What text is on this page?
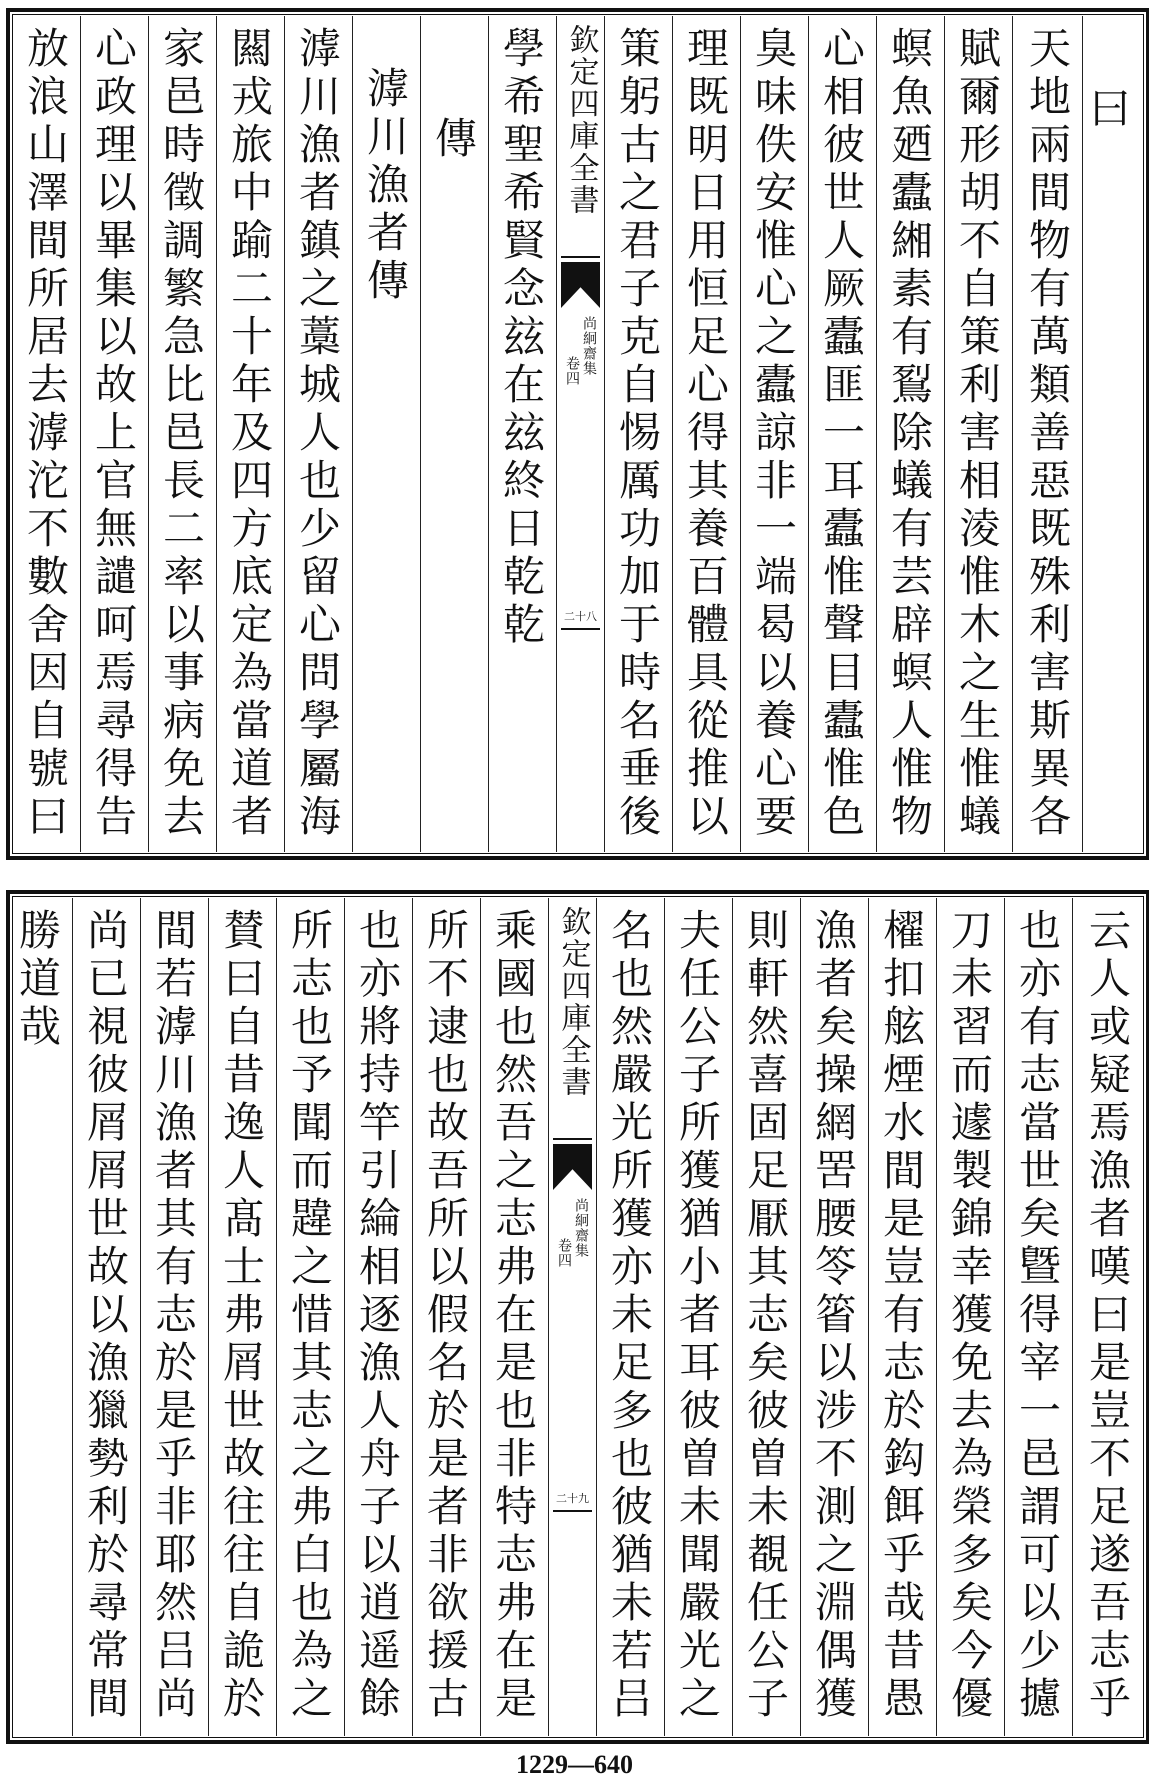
曰
天地兩間物有萬類善惡既殊利害斯異各
賦爾形胡不自䇿利害相淩惟木之生惟蟻
螟魚廼蠹緗素有鴷除蟻有芸辟螟人惟物
心相彼世人厥蠹匪一耳蠹惟聲目蠹惟色
臭味佚安惟心之蠹諒非一端曷以養心要
理既明日用恒足心得其養百體具從推以
䇿躬古之君子克自惕厲功加于時名垂後
欽定四庫全書
尚絅齋集
卷四
二十八
學希聖希賢念玆在玆終日乾乾
傳
滹川漁者傳
滹川漁者鎮之藁城人也少留心問學屬海
闗戎旅中踰二十年及四方底定為當道者
家邑時徵調繁急比邑長二率以事病免去
心政理以畢集以故上官無譴呵焉尋得告
放浪山澤間所居去滹沱不數舍因自號曰
云人或疑焉漁者嘆曰是豈不足遂吾志乎
也亦有志當世矣曁得宰一邑謂可以少攄
刀未習而遽製錦幸獲免去為榮多矣今優
櫂扣舷煙水間是豈有志於鈎餌乎哉昔愚
漁者矣操網罟腰笭箵以涉不測之淵偶獲
則軒然喜固足厭其志矣彼曽未覩任公子
夫任公子所獲猶小者耳彼曽未聞嚴光之
名也然嚴光所獲亦未足多也彼猶未若吕
欽定四庫全書
尚絅齋集
卷四
二十九
乘國也然吾之志弗在是也非特志弗在是
所不逮也故吾所以假名於是者非欲援古
也亦將持竿引綸相逐漁人舟子以逍遥餘
所志也予聞而韙之惜其志之弗白也為之
賛曰自昔逸人髙士弗屑世故往往自詭於
間若滹川漁者其有志於是乎非耶然吕尚
尚已視彼屑屑世故以漁獵勢利於尋常間
勝道哉
1229—640
